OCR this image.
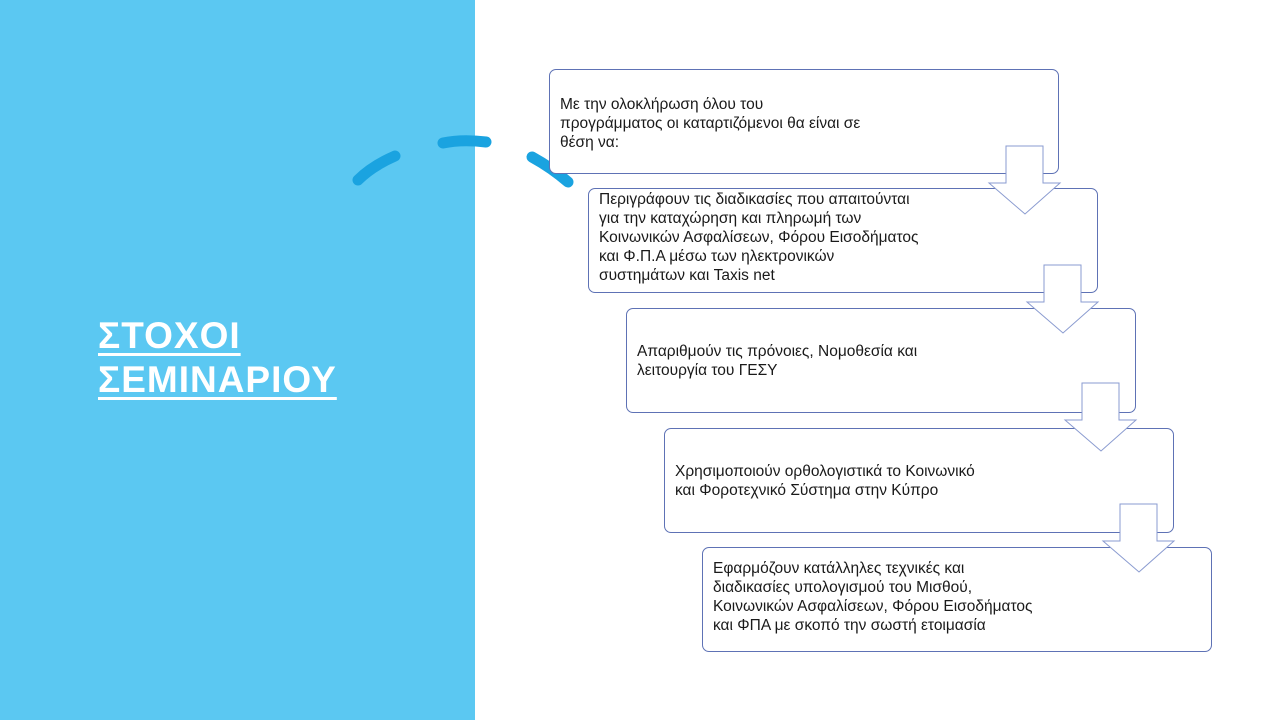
ΣΤΟΧΟΙ
ΣΕΜΙΝΑΡΙΟΥ
Με την ολοκλήρωση όλου του
προγράμματος οι καταρτιζόμενοι θα είναι σε
θέση να:
Περιγράφουν τις διαδικασίες που απαιτούνται
για την καταχώρηση και πληρωμή των
Κοινωνικών Ασφαλίσεων, Φόρου Εισοδήματος
και Φ.Π.Α μέσω των ηλεκτρονικών
συστημάτων και Taxis net
Απαριθμούν τις πρόνοιες, Νομοθεσία και
λειτουργία του ΓΕΣΥ
Χρησιμοποιούν ορθολογιστικά το Κοινωνικό
και Φοροτεχνικό Σύστημα στην Κύπρο
Εφαρμόζουν κατάλληλες τεχνικές και
διαδικασίες υπολογισμού του Μισθού,
Κοινωνικών Ασφαλίσεων, Φόρου Εισοδήματος
και ΦΠΑ με σκοπό την σωστή ετοιμασία
